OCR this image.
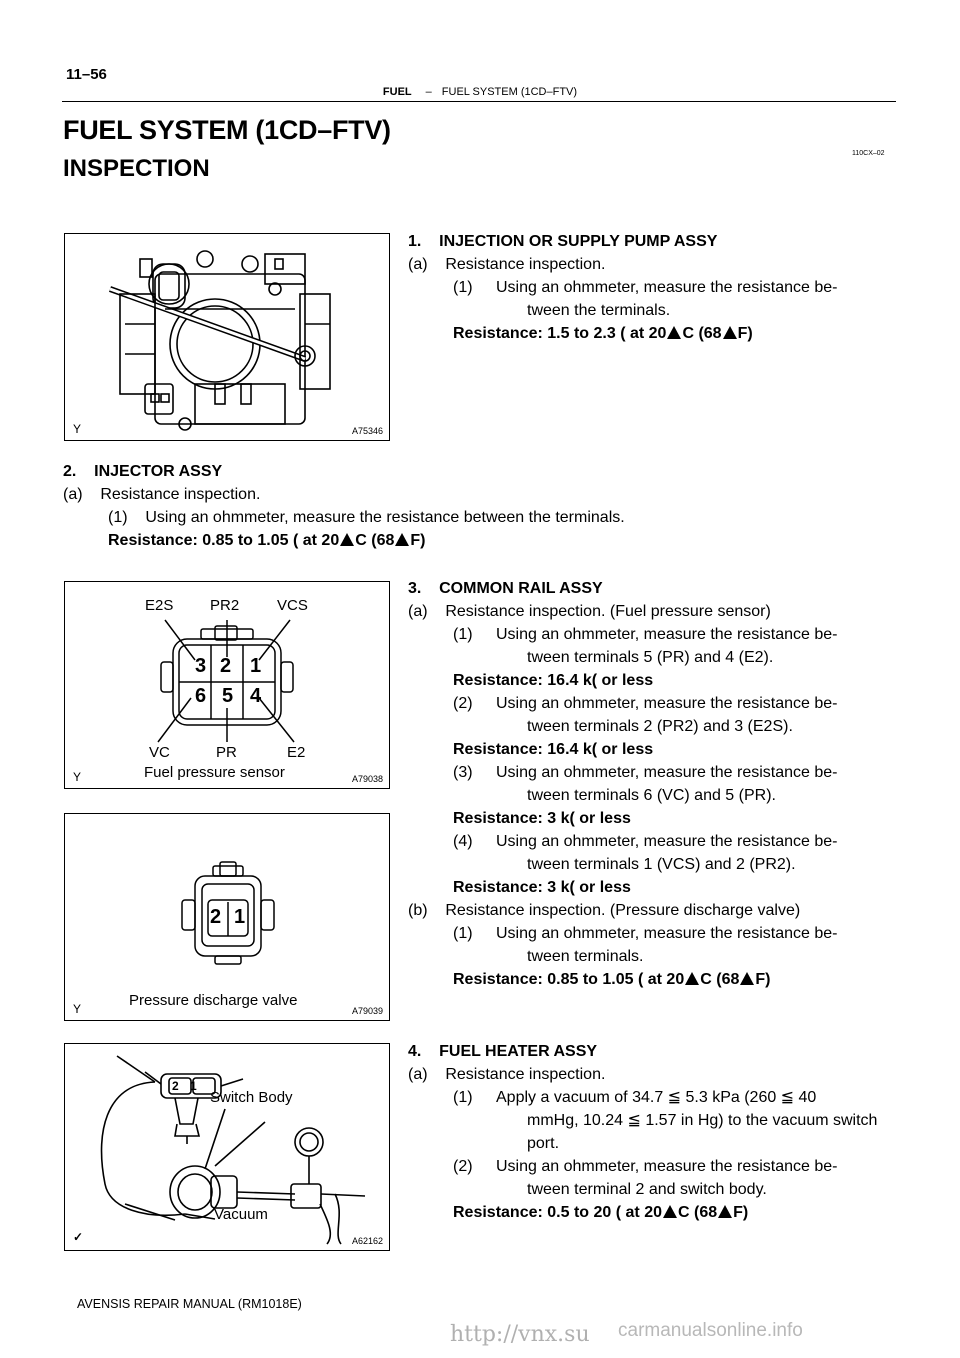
11–56
FUEL – FUEL SYSTEM (1CD–FTV)
FUEL SYSTEM (1CD–FTV)
INSPECTION
110CX–02
Y	A75346
E2S PR2	VCS
3 2 1
6 5 4
VC	PR	E2
Fuel pressure sensor
Y	A79038
2 1
Pressure discharge valve
Y	A79039
Switch Body
Vacuum
2 1
✓	A62162
1.    INJECTION OR SUPPLY PUMP ASSY
(a)    Resistance inspection.
(1) Using an ohmmeter, measure the resistance be-
tween the terminals.
Resistance: 1.5 to 2.3 ( at 20 C (68 F)
2.    INJECTOR ASSY
(a)    Resistance inspection.
(1)    Using an ohmmeter, measure the resistance between the terminals.
Resistance: 0.85 to 1.05 ( at 20 C (68 F)
3.    COMMON RAIL ASSY
(a)    Resistance inspection. (Fuel pressure sensor)
(1) Using an ohmmeter, measure the resistance be-
tween terminals 5 (PR) and 4 (E2).
Resistance: 16.4 k( or less
(2) Using an ohmmeter, measure the resistance be-
tween terminals 2 (PR2) and 3 (E2S).
Resistance: 16.4 k( or less
(3) Using an ohmmeter, measure the resistance be-
tween terminals 6 (VC) and 5 (PR).
Resistance: 3 k( or less
(4) Using an ohmmeter, measure the resistance be-
tween terminals 1 (VCS) and 2 (PR2).
Resistance: 3 k( or less
(b)    Resistance inspection. (Pressure discharge valve)
(1) Using an ohmmeter, measure the resistance be-
tween terminals.
Resistance: 0.85 to 1.05 ( at 20 C (68 F)
4.    FUEL HEATER ASSY
(a)    Resistance inspection.
(1) Apply a vacuum of 34.7 ≦ 5.3 kPa (260 ≦ 40
mmHg, 10.24 ≦ 1.57 in Hg) to the vacuum switch
port.
(2) Using an ohmmeter, measure the resistance be-
tween terminal 2 and switch body.
Resistance: 0.5 to 20 ( at 20 C (68 F)
AVENSIS REPAIR MANUAL (RM1018E)
http://vnx.su carmanualsonline.info
